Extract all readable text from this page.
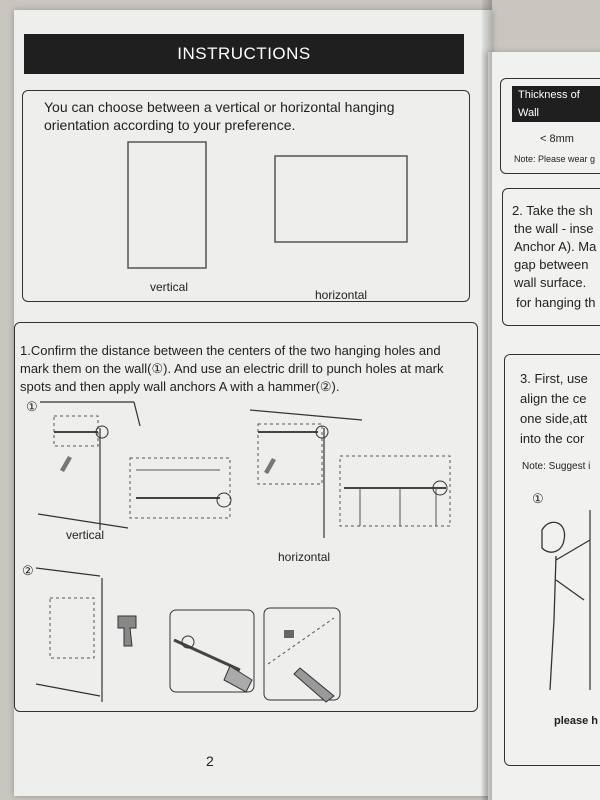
INSTRUCTIONS
You can choose between a vertical or horizontal hanging orientation according to your preference.
vertical
horizontal
1.Confirm the distance between the centers of the two hanging holes and mark them on the wall(①). And use an electric drill to punch holes at mark spots and then apply wall anchors A with a hammer(②).
①
vertical
horizontal
②
2
Thickness of Wall > 16mm
< 8mm
Note: Please wear g
2. Take the sh
the wall - inse
Anchor A). Ma
gap between
wall surface.
for hanging th
3. First, use
align the ce
one side,att
into the cor
Note: Suggest i
①
please h
